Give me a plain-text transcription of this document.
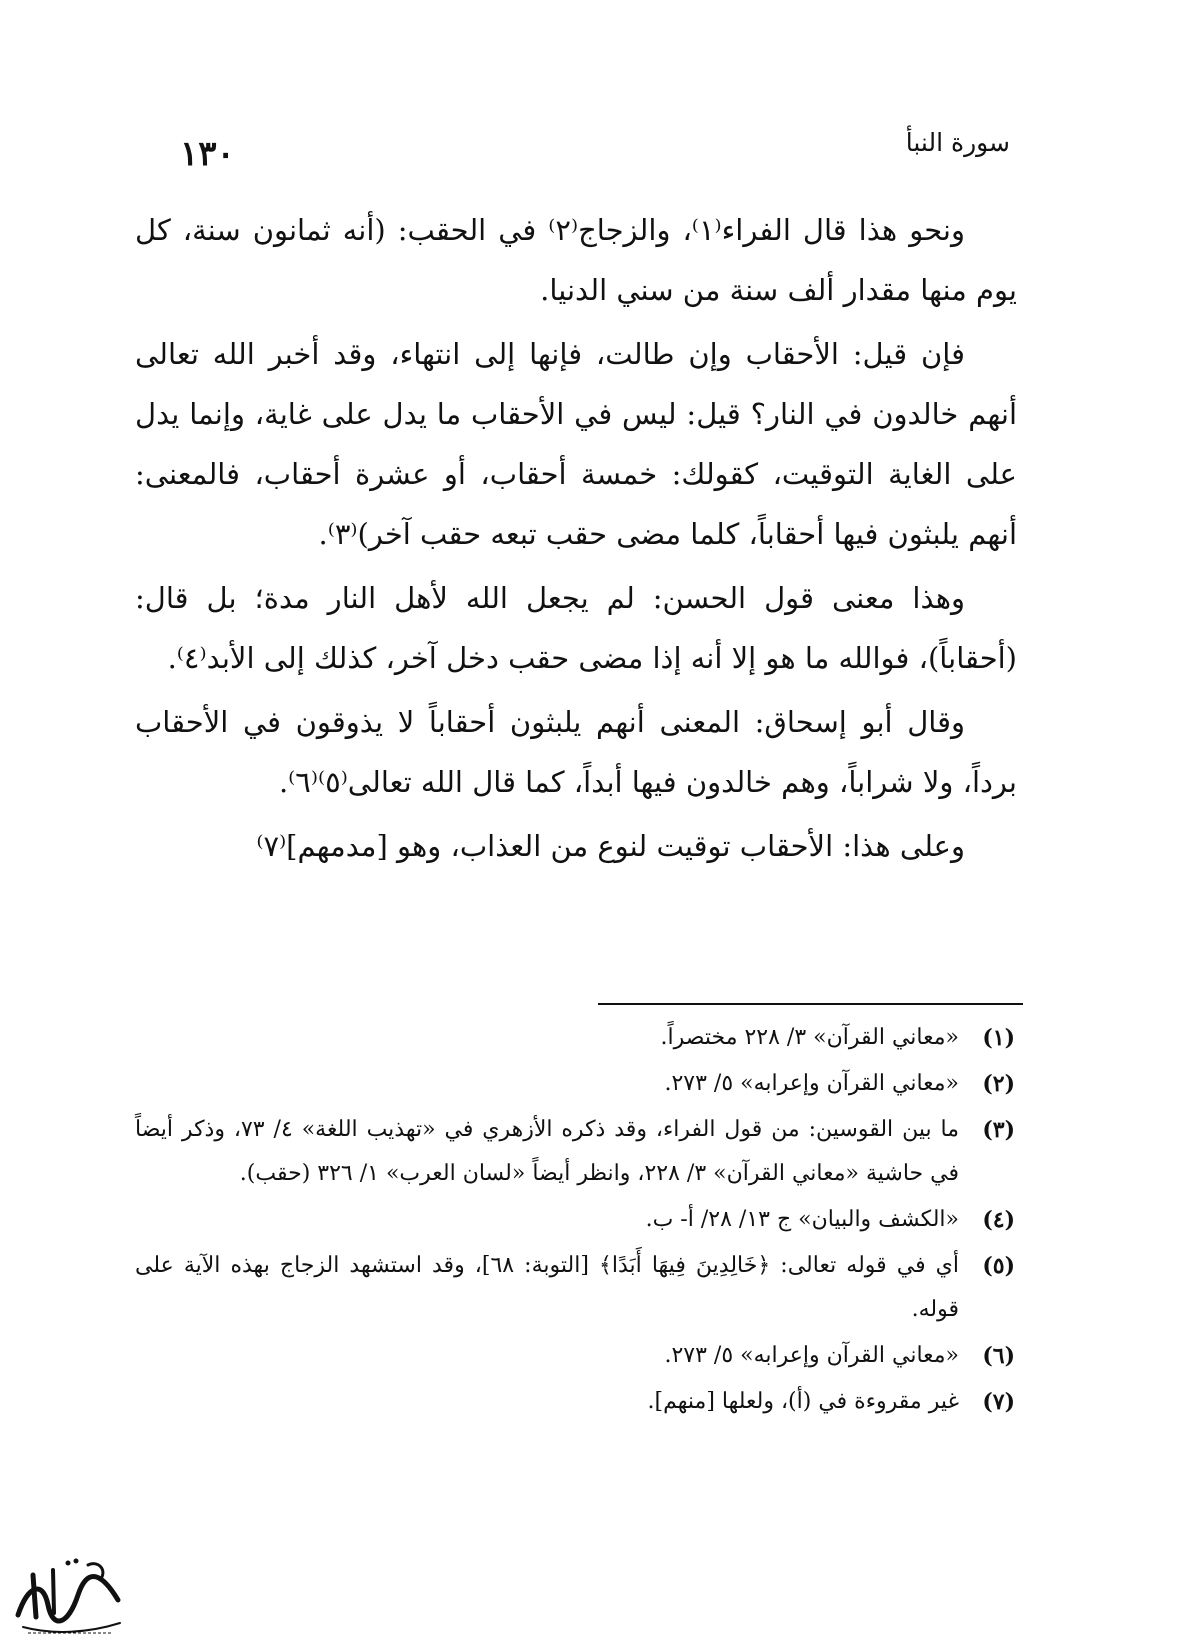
١٣٠	سورة النبأ

ونحو هذا قال الفراء⁽١⁾، والزجاج⁽٢⁾ في الحقب: (أنه ثمانون سنة، كل يوم منها مقدار ألف سنة من سني الدنيا.

فإن قيل: الأحقاب وإن طالت، فإنها إلى انتهاء، وقد أخبر الله تعالى أنهم خالدون في النار؟ قيل: ليس في الأحقاب ما يدل على غاية، وإنما يدل على الغاية التوقيت، كقولك: خمسة أحقاب، أو عشرة أحقاب، فالمعنى: أنهم يلبثون فيها أحقاباً، كلما مضى حقب تبعه حقب آخر)⁽٣⁾.

وهذا معنى قول الحسن: لم يجعل الله لأهل النار مدة؛ بل قال: (أحقاباً)، فوالله ما هو إلا أنه إذا مضى حقب دخل آخر، كذلك إلى الأبد⁽٤⁾.

وقال أبو إسحاق: المعنى أنهم يلبثون أحقاباً لا يذوقون في الأحقاب برداً، ولا شراباً، وهم خالدون فيها أبداً، كما قال الله تعالى⁽٥⁾⁽٦⁾.

وعلى هذا: الأحقاب توقيت لنوع من العذاب، وهو [مدمهم]⁽٧⁾

(١)
«معاني القرآن» ٣/ ٢٢٨ مختصراً.
(٢)
«معاني القرآن وإعرابه» ٥/ ٢٧٣.
(٣)
ما بين القوسين: من قول الفراء، وقد ذكره الأزهري في «تهذيب اللغة» ٤/ ٧٣، وذكر أيضاً في حاشية «معاني القرآن» ٣/ ٢٢٨، وانظر أيضاً «لسان العرب» ١/ ٣٢٦ (حقب).
(٤)
«الكشف والبيان» ج ١٣/ ٢٨/ أ- ب.
(٥)
أي في قوله تعالى: ﴿خَالِدِينَ فِيهَا أَبَدًا﴾ [التوبة: ٦٨]، وقد استشهد الزجاج بهذه الآية على قوله.
(٦)
«معاني القرآن وإعرابه» ٥/ ٢٧٣.
(٧)
غير مقروءة في (أ)، ولعلها [منهم].
